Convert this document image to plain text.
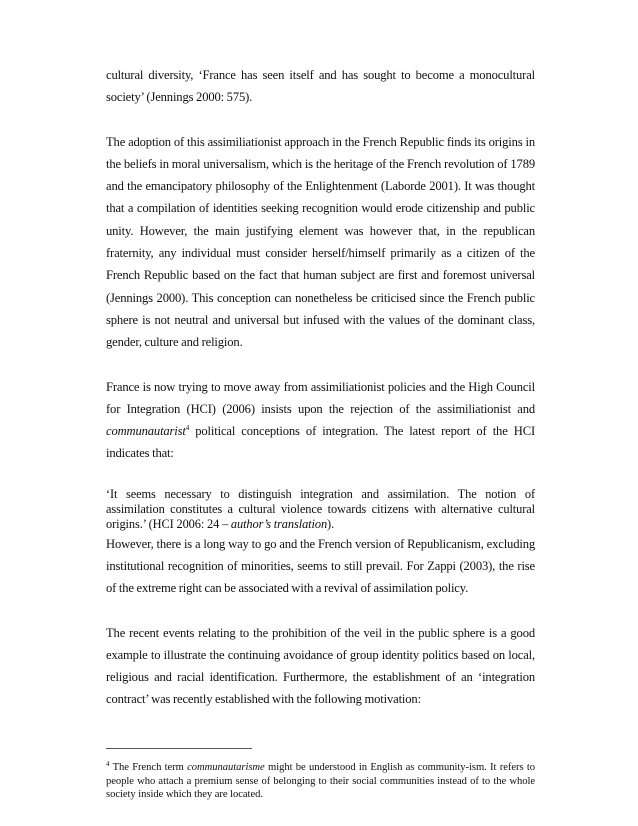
cultural diversity, ‘France has seen itself and has sought to become a monocultural society’ (Jennings 2000: 575).

The adoption of this assimiliationist approach in the French Republic finds its origins in the beliefs in moral universalism, which is the heritage of the French revolution of 1789 and the emancipatory philosophy of the Enlightenment (Laborde 2001). It was thought that a compilation of identities seeking recognition would erode citizenship and public unity. However, the main justifying element was however that, in the republican fraternity, any individual must consider herself/himself primarily as a citizen of the French Republic based on the fact that human subject are first and foremost universal (Jennings 2000). This conception can nonetheless be criticised since the French public sphere is not neutral and universal but infused with the values of the dominant class, gender, culture and religion.

France is now trying to move away from assimiliationist policies and the High Council for Integration (HCI) (2006) insists upon the rejection of the assimiliationist and communautarist$^4$ political conceptions of integration. The latest report of the HCI indicates that:

‘It seems necessary to distinguish integration and assimilation. The notion of assimilation constitutes a cultural violence towards citizens with alternative cultural origins.’ (HCI 2006: 24 – author’s translation).

However, there is a long way to go and the French version of Republicanism, excluding institutional recognition of minorities, seems to still prevail. For Zappi (2003), the rise of the extreme right can be associated with a revival of assimilation policy.

The recent events relating to the prohibition of the veil in the public sphere is a good example to illustrate the continuing avoidance of group identity politics based on local, religious and racial identification. Furthermore, the establishment of an ‘integration contract’ was recently established with the following motivation:

$^4$ The French term communautarisme might be understood in English as community-ism. It refers to people who attach a premium sense of belonging to their social communities instead of to the whole society inside which they are located.
